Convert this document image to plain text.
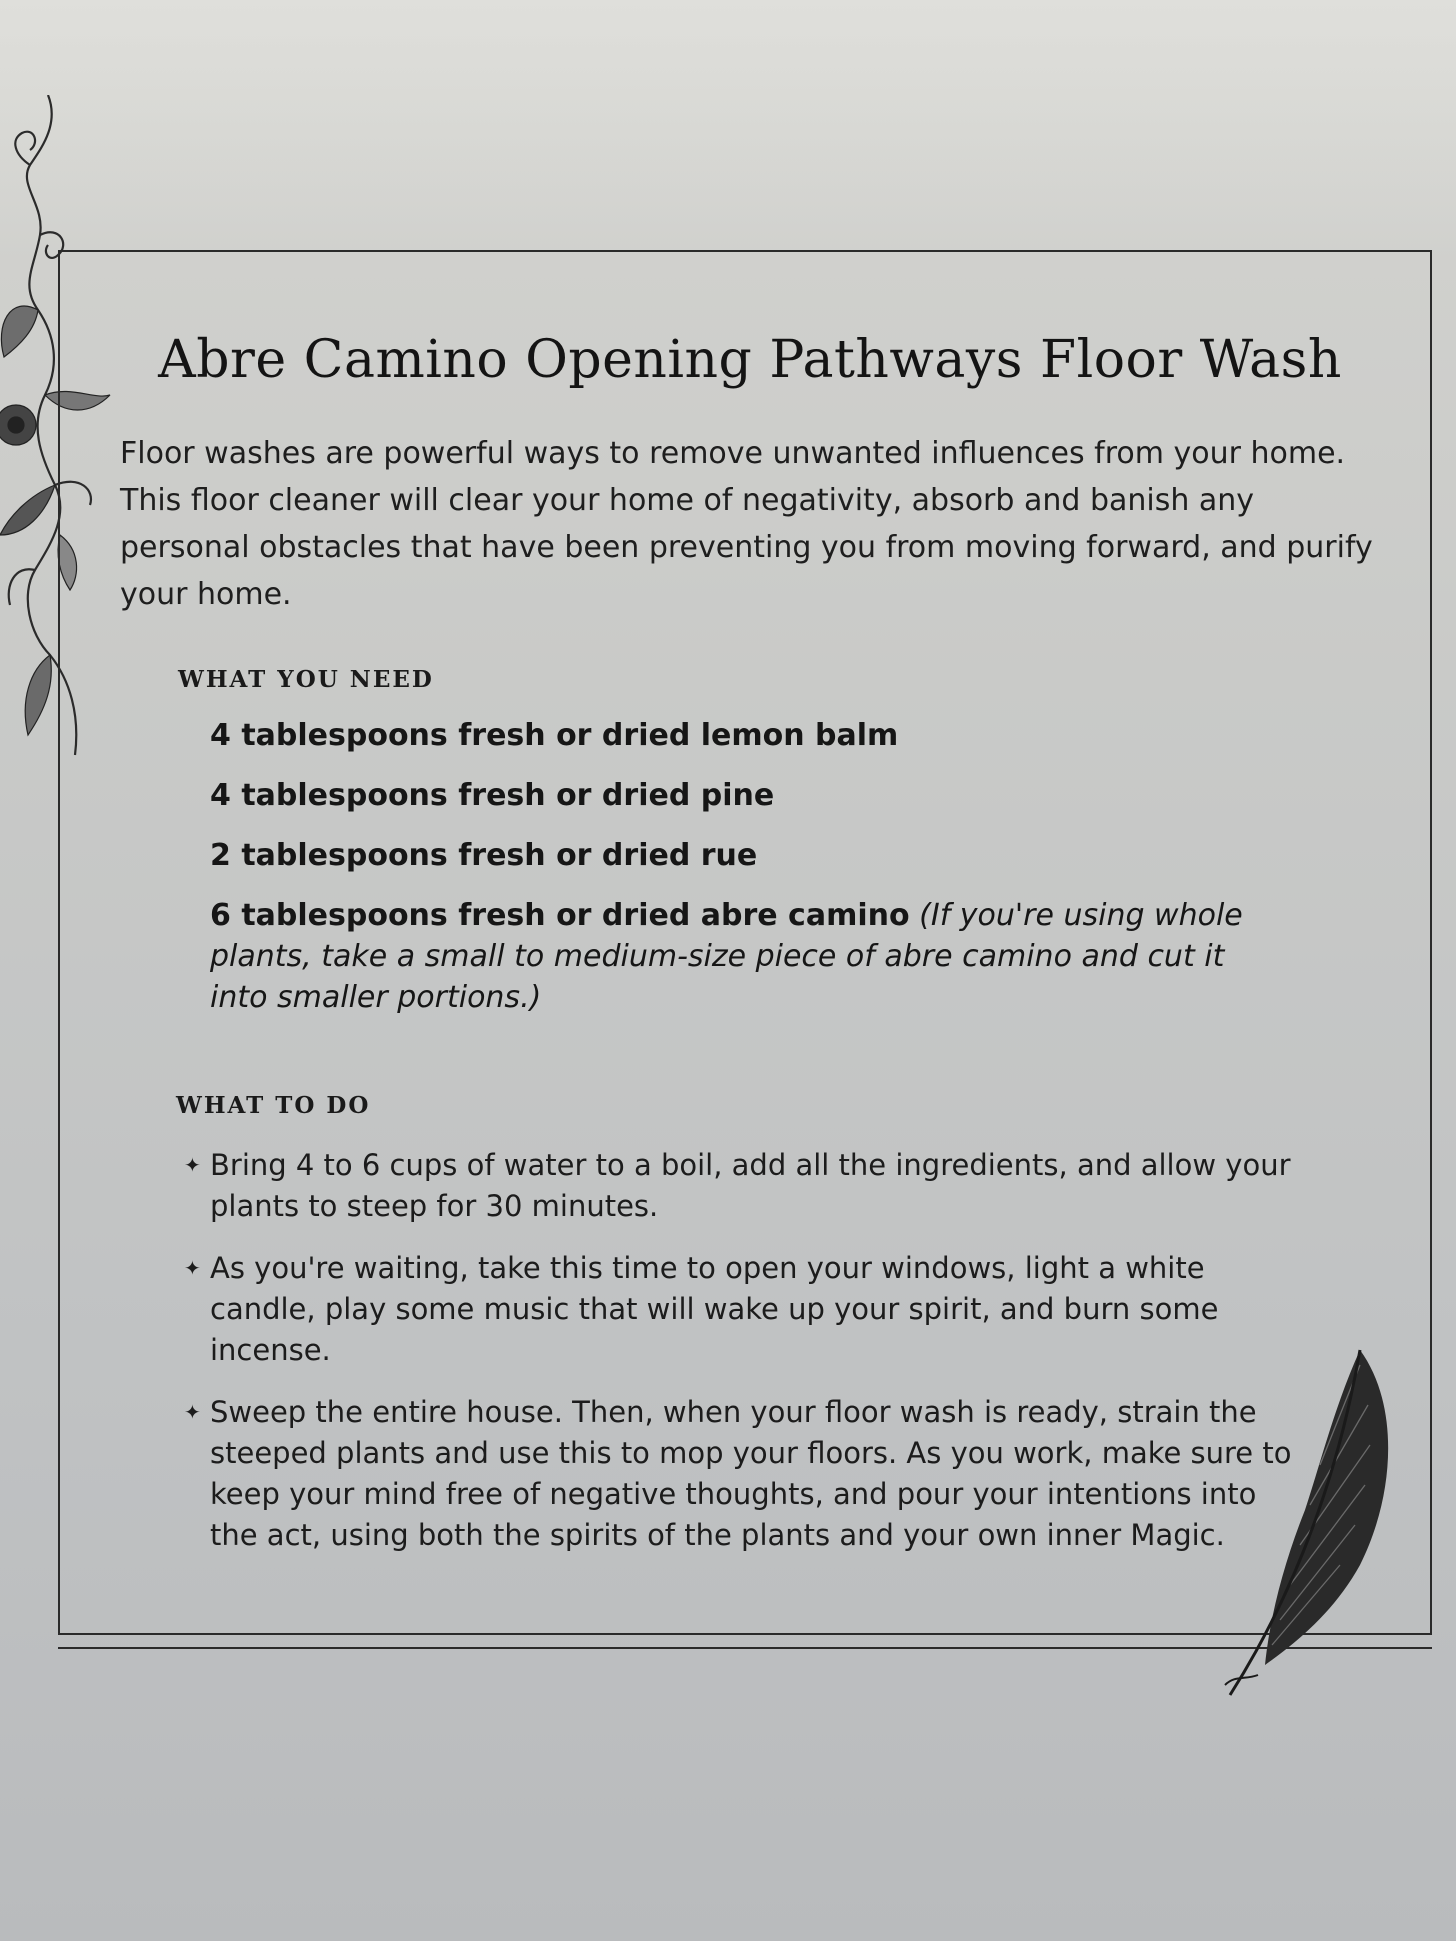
Abre Camino Opening Pathways Floor Wash

Floor washes are powerful ways to remove unwanted influences from your home. This floor cleaner will clear your home of negativity, absorb and banish any personal obstacles that have been preventing you from moving forward, and purify your home.

WHAT YOU NEED
4 tablespoons fresh or dried lemon balm
4 tablespoons fresh or dried pine
2 tablespoons fresh or dried rue
6 tablespoons fresh or dried abre camino (If you're using whole plants, take a small to medium-size piece of abre camino and cut it into smaller portions.)
WHAT TO DO
✦ Bring 4 to 6 cups of water to a boil, add all the ingredients, and allow your plants to steep for 30 minutes.
✦ As you're waiting, take this time to open your windows, light a white candle, play some music that will wake up your spirit, and burn some incense.
✦ Sweep the entire house. Then, when your floor wash is ready, strain the steeped plants and use this to mop your floors. As you work, make sure to keep your mind free of negative thoughts, and pour your intentions into the act, using both the spirits of the plants and your own inner Magic.
